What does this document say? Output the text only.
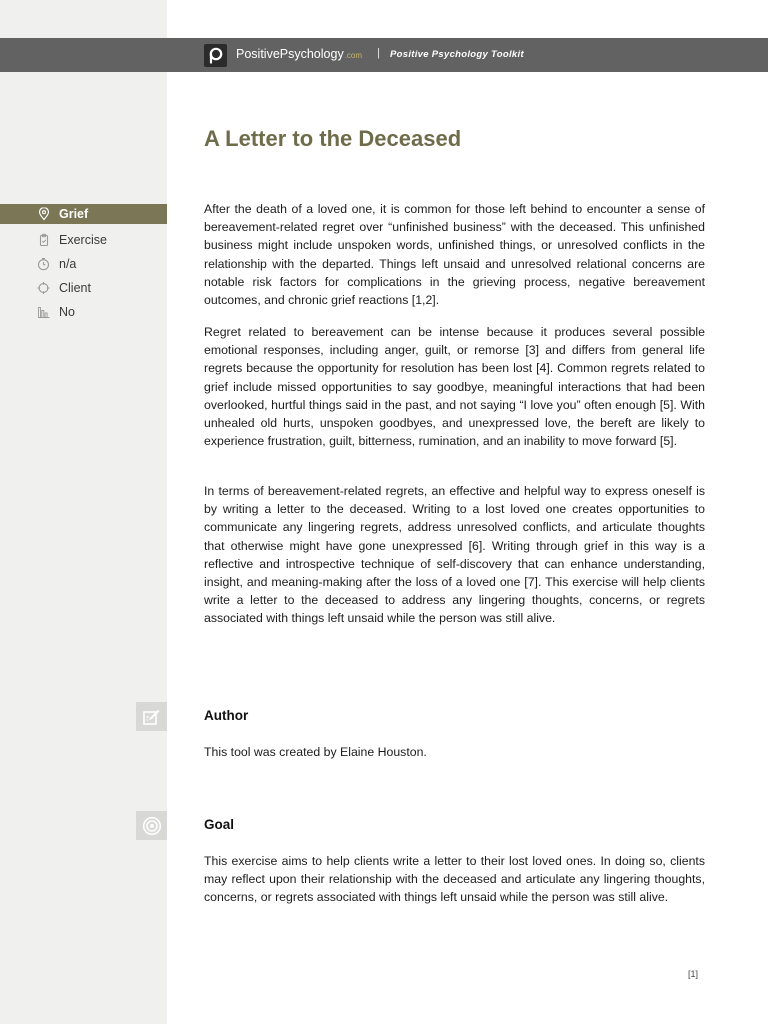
PositivePsychology.com | Positive Psychology Toolkit
A Letter to the Deceased
Grief
Exercise
n/a
Client
No

After the death of a loved one, it is common for those left behind to encounter a sense of bereavement-related regret over “unfinished business” with the deceased. This unfinished business might include unspoken words, unfinished things, or unresolved conflicts in the relationship with the departed. Things left unsaid and unresolved relational concerns are notable risk factors for complications in the grieving process, negative bereavement outcomes, and chronic grief reactions [1,2].

Regret related to bereavement can be intense because it produces several possible emotional responses, including anger, guilt, or remorse [3] and differs from general life regrets because the opportunity for resolution has been lost [4]. Common regrets related to grief include missed opportunities to say goodbye, meaningful interactions that had been overlooked, hurtful things said in the past, and not saying “I love you” often enough [5]. With unhealed old hurts, unspoken goodbyes, and unexpressed love, the bereft are likely to experience frustration, guilt, bitterness, rumination, and an inability to move forward [5].

In terms of bereavement-related regrets, an effective and helpful way to express oneself is by writing a letter to the deceased. Writing to a lost loved one creates opportunities to communicate any lingering regrets, address unresolved conflicts, and articulate thoughts that otherwise might have gone unexpressed [6]. Writing through grief in this way is a reflective and introspective technique of self-discovery that can enhance understanding, insight, and meaning-making after the loss of a loved one [7]. This exercise will help clients write a letter to the deceased to address any lingering thoughts, concerns, or regrets associated with things left unsaid while the person was still alive.

Author

This tool was created by Elaine Houston.

Goal

This exercise aims to help clients write a letter to their lost loved ones. In doing so, clients may reflect upon their relationship with the deceased and articulate any lingering thoughts, concerns, or regrets associated with things left unsaid while the person was still alive.

[1]
